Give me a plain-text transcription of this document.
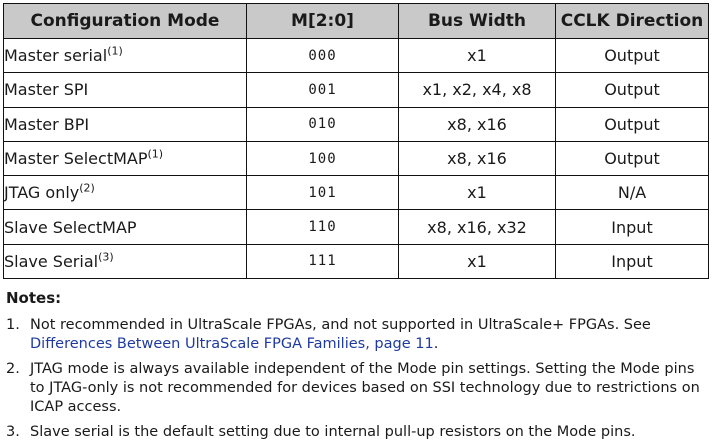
Configuration Mode	M[2:0]	Bus Width	CCLK Direction
Master serial$^{(1)}$	000	x1	Output
Master SPI	001	x1, x2, x4, x8	Output
Master BPI	010	x8, x16	Output
Master SelectMAP$^{(1)}$	100	x8, x16	Output
JTAG only$^{(2)}$	101	x1	N/A
Slave SelectMAP	110	x8, x16, x32	Input
Slave Serial$^{(3)}$	111	x1	Input
Notes:
1. Not recommended in UltraScale FPGAs, and not supported in UltraScale+ FPGAs. See Differences Between UltraScale FPGA Families, page 11.
2. JTAG mode is always available independent of the Mode pin settings. Setting the Mode pins to JTAG-only is not recommended for devices based on SSI technology due to restrictions on ICAP access.
3. Slave serial is the default setting due to internal pull-up resistors on the Mode pins.
